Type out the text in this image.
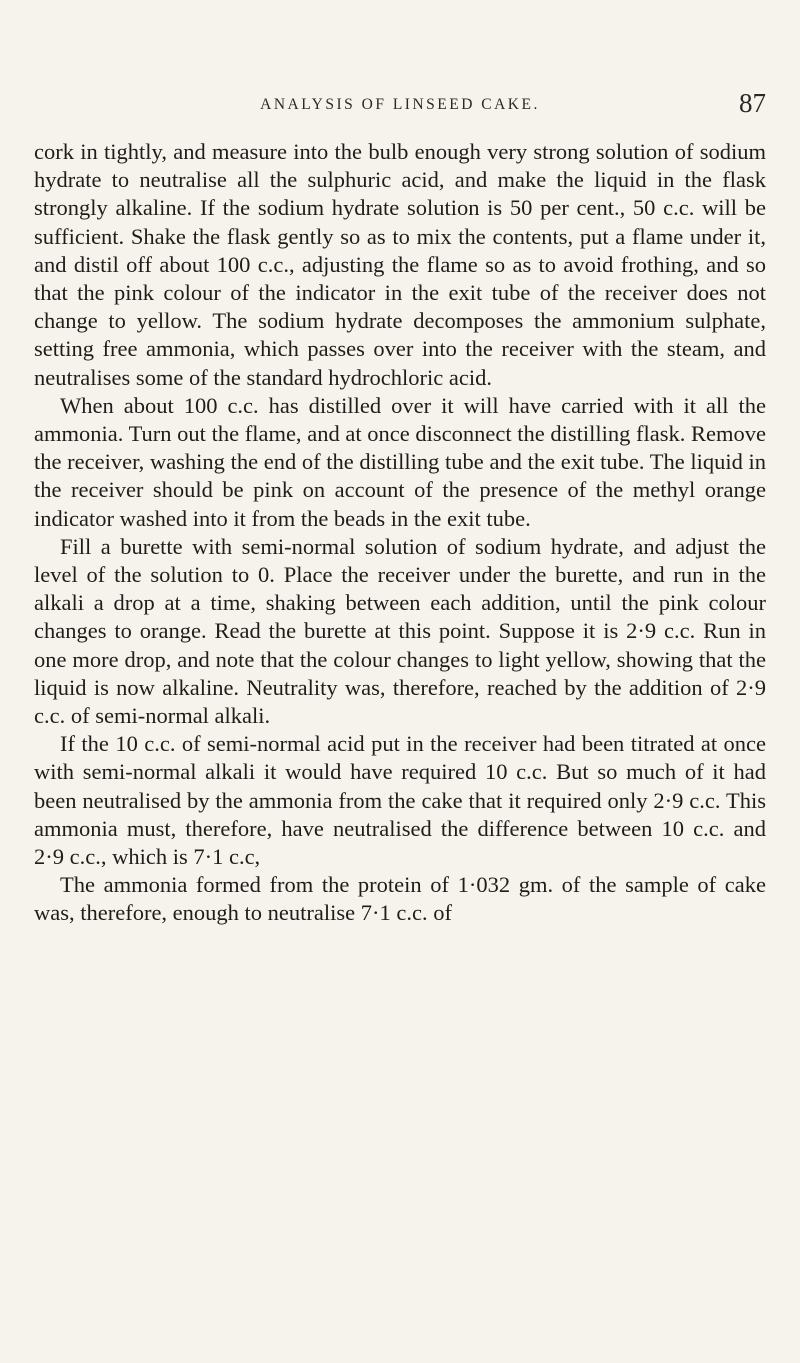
ANALYSIS OF LINSEED CAKE.	87

cork in tightly, and measure into the bulb enough very strong solution of sodium hydrate to neutralise all the sulphuric acid, and make the liquid in the flask strongly alkaline. If the sodium hydrate solution is 50 per cent., 50 c.c. will be sufficient. Shake the flask gently so as to mix the contents, put a flame under it, and distil off about 100 c.c., adjusting the flame so as to avoid frothing, and so that the pink colour of the indicator in the exit tube of the receiver does not change to yellow. The sodium hydrate decomposes the ammonium sulphate, setting free ammonia, which passes over into the receiver with the steam, and neutralises some of the standard hydrochloric acid.

When about 100 c.c. has distilled over it will have carried with it all the ammonia. Turn out the flame, and at once disconnect the distilling flask. Remove the receiver, washing the end of the distilling tube and the exit tube. The liquid in the receiver should be pink on account of the presence of the methyl orange indicator washed into it from the beads in the exit tube.

Fill a burette with semi-normal solution of sodium hydrate, and adjust the level of the solution to 0. Place the receiver under the burette, and run in the alkali a drop at a time, shaking between each addition, until the pink colour changes to orange. Read the burette at this point. Suppose it is 2·9 c.c. Run in one more drop, and note that the colour changes to light yellow, showing that the liquid is now alkaline. Neutrality was, therefore, reached by the addition of 2·9 c.c. of semi-normal alkali.

If the 10 c.c. of semi-normal acid put in the receiver had been titrated at once with semi-normal alkali it would have required 10 c.c. But so much of it had been neutralised by the ammonia from the cake that it required only 2·9 c.c. This ammonia must, therefore, have neutralised the difference between 10 c.c. and 2·9 c.c., which is 7·1 c.c,

The ammonia formed from the protein of 1·032 gm. of the sample of cake was, therefore, enough to neutralise 7·1 c.c. of
